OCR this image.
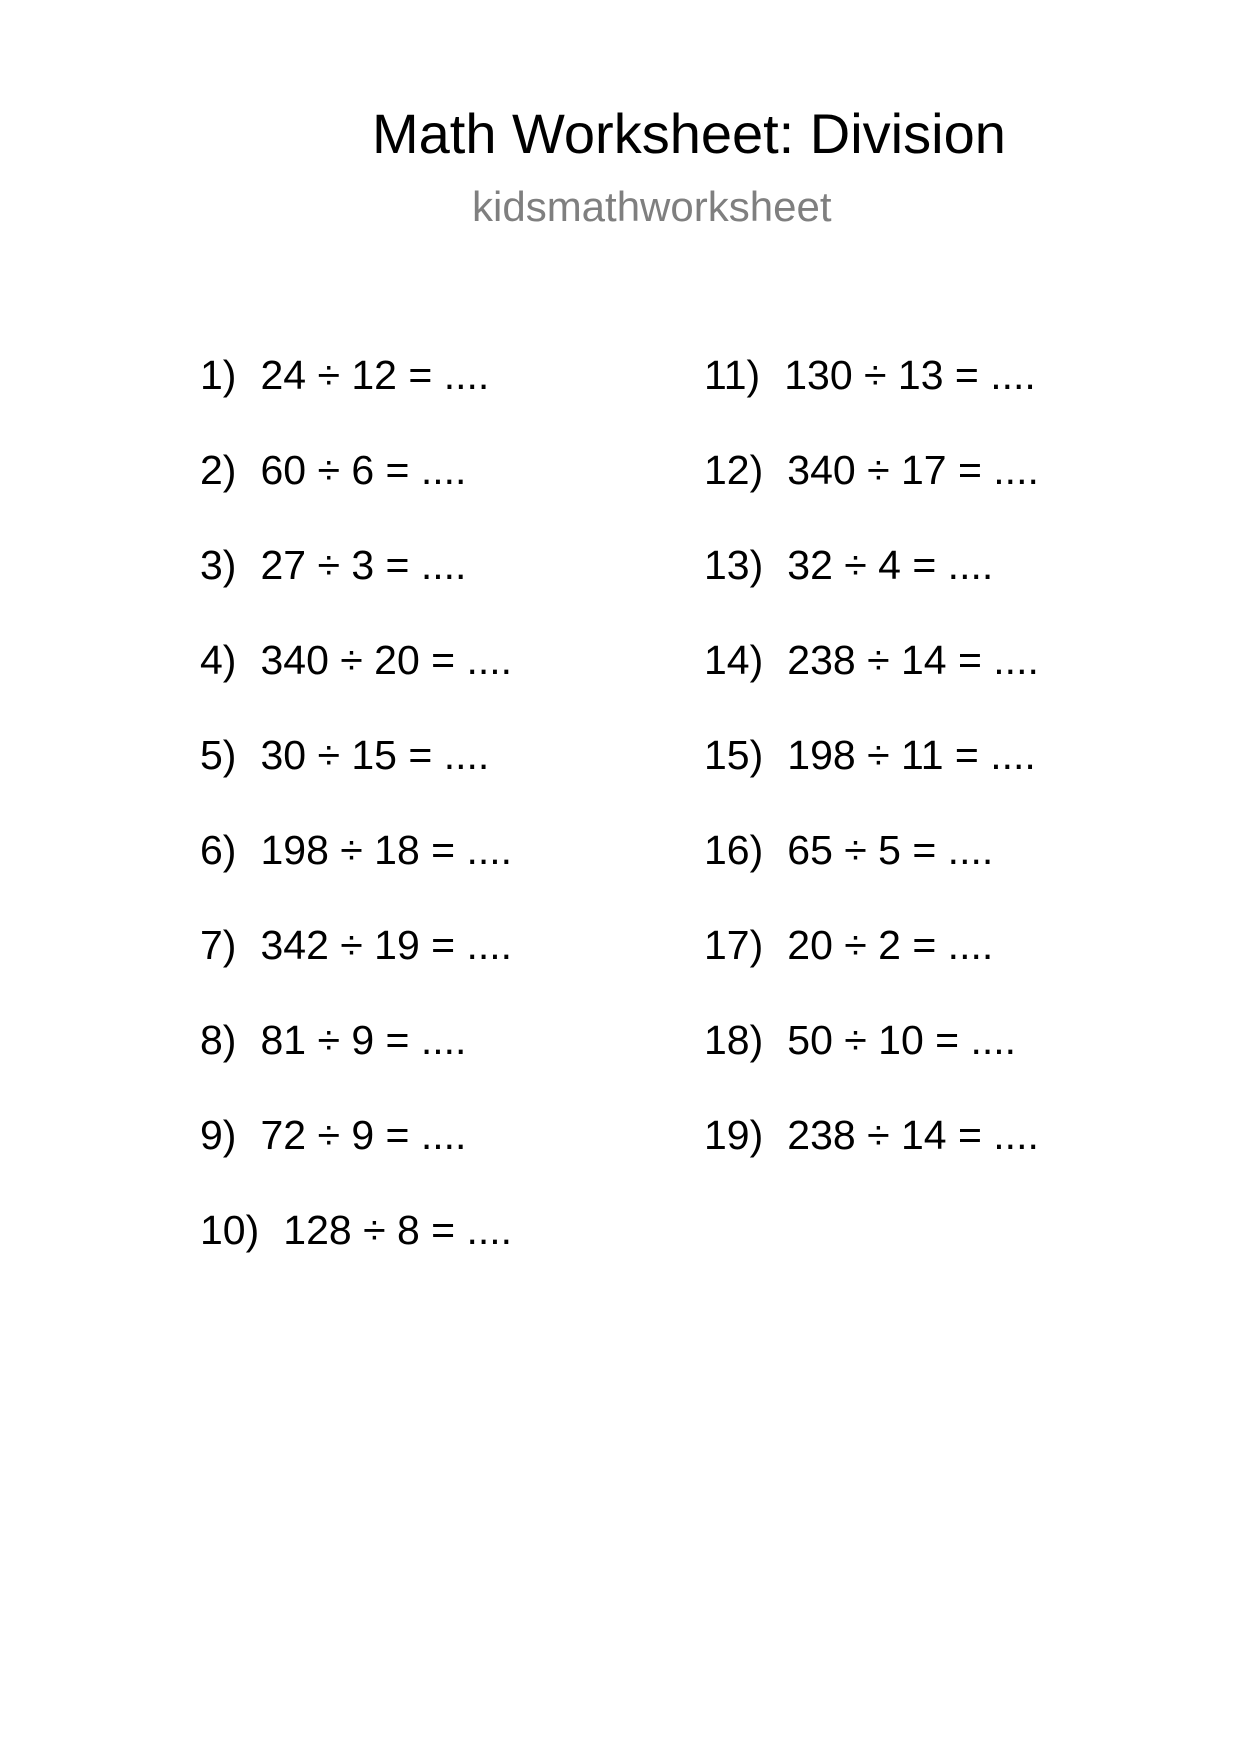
Math Worksheet: Division
kidsmathworksheet
1) 24 ÷ 12 = ....
2) 60 ÷ 6 = ....
3) 27 ÷ 3 = ....
4) 340 ÷ 20 = ....
5) 30 ÷ 15 = ....
6) 198 ÷ 18 = ....
7) 342 ÷ 19 = ....
8) 81 ÷ 9 = ....
9) 72 ÷ 9 = ....
10) 128 ÷ 8 = ....
11) 130 ÷ 13 = ....
12) 340 ÷ 17 = ....
13) 32 ÷ 4 = ....
14) 238 ÷ 14 = ....
15) 198 ÷ 11 = ....
16) 65 ÷ 5 = ....
17) 20 ÷ 2 = ....
18) 50 ÷ 10 = ....
19) 238 ÷ 14 = ....
